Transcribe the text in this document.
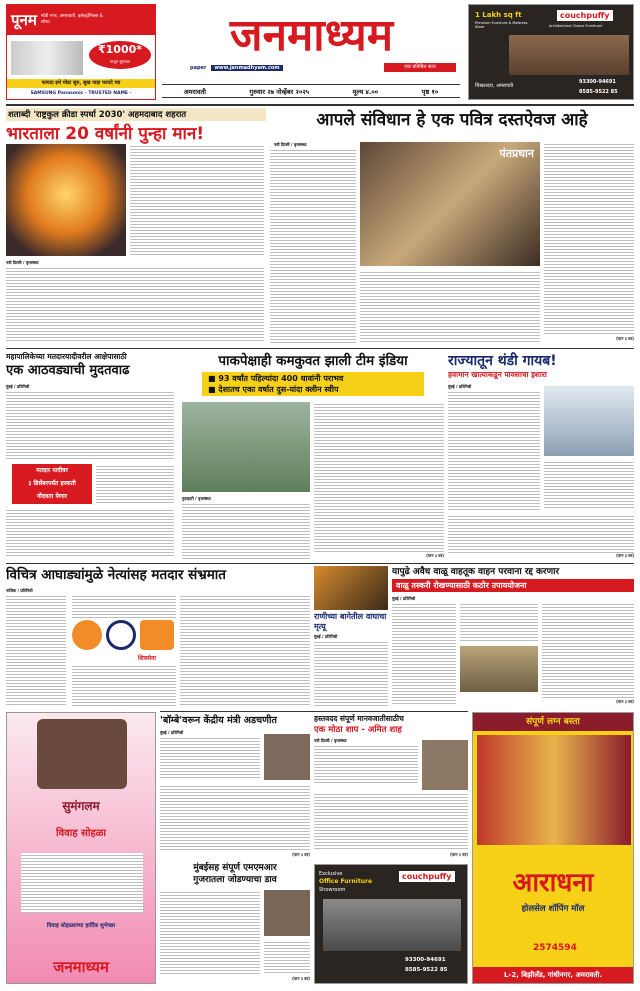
पूनम मोठी नगर, अमरावती. इलेक्ट्रॉनिक्स & सोफा
₹1000*
पासून सुरुवात
फायदा इथे मोठा सुरु, सुख पाहा फायदे घ्या
SAMSUNG Panasonic - TRUSTED NAME -
जनमाध्यम
paper	www.janmadhyam.com	एक प्रतिष्ठित सत्य
अमरावती	गुरुवार २७ नोव्हेंबर २०२५	मूल्य ४.००	पृष्ठ १०
1 Lakh sq ft
Premium Furniture & Mattress Store
couchpuffy
Architectural Choice Furniture!
चिखलदरा, अमरावती
93300-94691
8585-9522 85
शताब्दी 'राष्ट्रकुल क्रीडा स्पर्धा 2030' अहमदाबाद शहरात
भारताला 20 वर्षांनी पुन्हा मान!
नवी दिल्ली / वृत्तसंस्था
आपले संविधान हे एक पवित्र दस्तऐवज आहे
नवी दिल्ली / वृत्तसंस्था
पंतप्रधान
(पान ३ वर)
महापालिकेच्या मतदारयादीवरील आक्षेपासाठी
एक आठवड्याची मुदतवाढ
मुंबई / प्रतिनिधी
मतदार यादीवर
३ डिसेंबरपर्यंत हरकती
नोंदवता येणार
पाकपेक्षाही कमकुवत झाली टीम इंडिया
■ 93 वर्षांत पहिल्यांदा 400 धावांनी पराभव
■ देशातच एका वर्षात दुस-यांदा क्लीन स्वीप
गुवाहाटी / वृत्तसंस्था
(पान ३ वर)
राज्यातून थंडी गायब!
हवामान खात्याकडून पावसाचा इशारा
मुंबई / प्रतिनिधी
(पान ३ वर)
विचित्र आघाड्यांमुळे नेत्यांसह मतदार संभ्रमात
नाशिक / प्रतिनिधी
शिवसेना
राणीच्या बागेतील वाघाचा मृत्यू
मुंबई / प्रतिनिधी
यापुढे अवैध वाळू वाहतूक वाहन परवाना रद्द करणार
वाळू तस्करी रोखण्यासाठी कठोर उपाययोजना
मुंबई / प्रतिनिधी
(पान ३ वर)
सुमंगलम
विवाह सोहळा
विवाह सोहळ्याच्या हार्दिक शुभेच्छा
जनमाध्यम
'बॉम्बे'वरून केंद्रीय मंत्री अडचणीत
मुंबई / प्रतिनिधी
(पान ३ वर)
हस्तवदद संपूर्ण मानवजातीसाठीच
एक मोठा शाप - अमित शाह
नवी दिल्ली / वृत्तसंस्था
(पान ३ वर)
मुंबईसह संपूर्ण एमएमआर
गुजरातला जोडण्याचा डाव
(पान ३ वर)
Exclusive
Office Furniture
Showroom
couchpuffy
93300-94691
8585-9522 85
संपूर्ण लग्न बस्ता
आराधना
होलसेल शॉपिंग मॉल
2574594
L-2, बिझीलँड, गांधीनगर, अमरावती.
